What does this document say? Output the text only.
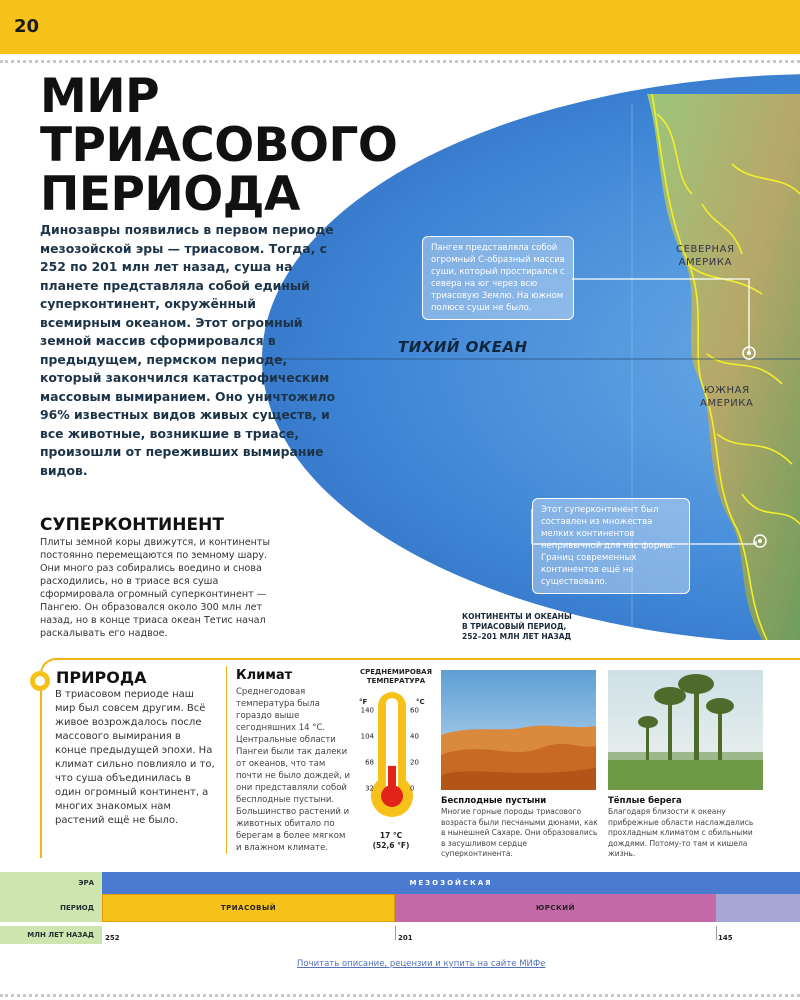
20
ТИХИЙ ОКЕАН
СЕВЕРНАЯ
АМЕРИКА
ЮЖНАЯ
АМЕРИКА
Пангея представляла собой огромный С-образный массив суши, который простирался с севера на юг через всю триасовую Землю. На южном полюсе суши не было.
Этот суперконтинент был составлен из множества мелких континентов непривычной для нас формы. Границ современных континентов ещё не существовало.
КОНТИНЕНТЫ И ОКЕАНЫ В ТРИАСОВЫЙ ПЕРИОД, 252–201 МЛН ЛЕТ НАЗАД
МИР
ТРИАСОВОГО
ПЕРИОДА

Динозавры появились в первом периоде мезозойской эры — триасовом. Тогда, с 252 по 201 млн лет назад, суша на планете представляла собой единый суперконтинент, окружённый всемирным океаном. Этот огромный земной массив сформировался в предыдущем, пермском периоде, который закончился катастрофическим массовым вымиранием. Оно уничтожило 96% известных видов живых существ, и все животные, возникшие в триасе, произошли от переживших вымирание видов.

СУПЕРКОНТИНЕНТ

Плиты земной коры движутся, и континенты постоянно перемещаются по земному шару. Они много раз собирались воедино и снова расходились, но в триасе вся суша сформировала огромный суперконтинент — Пангею. Он образовался около 300 млн лет назад, но в конце триаса океан Тетис начал раскалывать его надвое.

ПРИРОДА

В триасовом периоде наш мир был совсем другим. Всё живое возрождалось после массового вымирания в конце предыдущей эпохи. На климат сильно повлияло и то, что суша объединилась в один огромный континент, а многих знакомых нам растений ещё не было.

Климат

Среднегодовая температура была гораздо выше сегодняшних 14 °C. Центральные области Пангеи были так далеки от океанов, что там почти не было дождей, и они представляли собой бесплодные пустыни. Большинство растений и животных обитало по берегам в более мягком и влажном климате.

СРЕДНЕМИРОВАЯ ТЕМПЕРАТУРА
°F	°C
140
104
68
32
60
40
20
0
17 °C
(52,6 °F)
Бесплодные пустыни

Многие горные породы триасового возраста были песчаными дюнами, как в нынешней Сахаре. Они образовались в засушливом сердце суперконтинента.

Тёплые берега

Благодаря близости к океану прибрежные области наслаждались прохладным климатом с обильными дождями. Потому-то там и кишела жизнь.

ЭРА	МЕЗОЗОЙСКАЯ
ПЕРИОД	ТРИАСОВЫЙ	ЮРСКИЙ
МЛН ЛЕТ НАЗАД	252	201	145
Почитать описание, рецензии и купить на сайте МИФе
